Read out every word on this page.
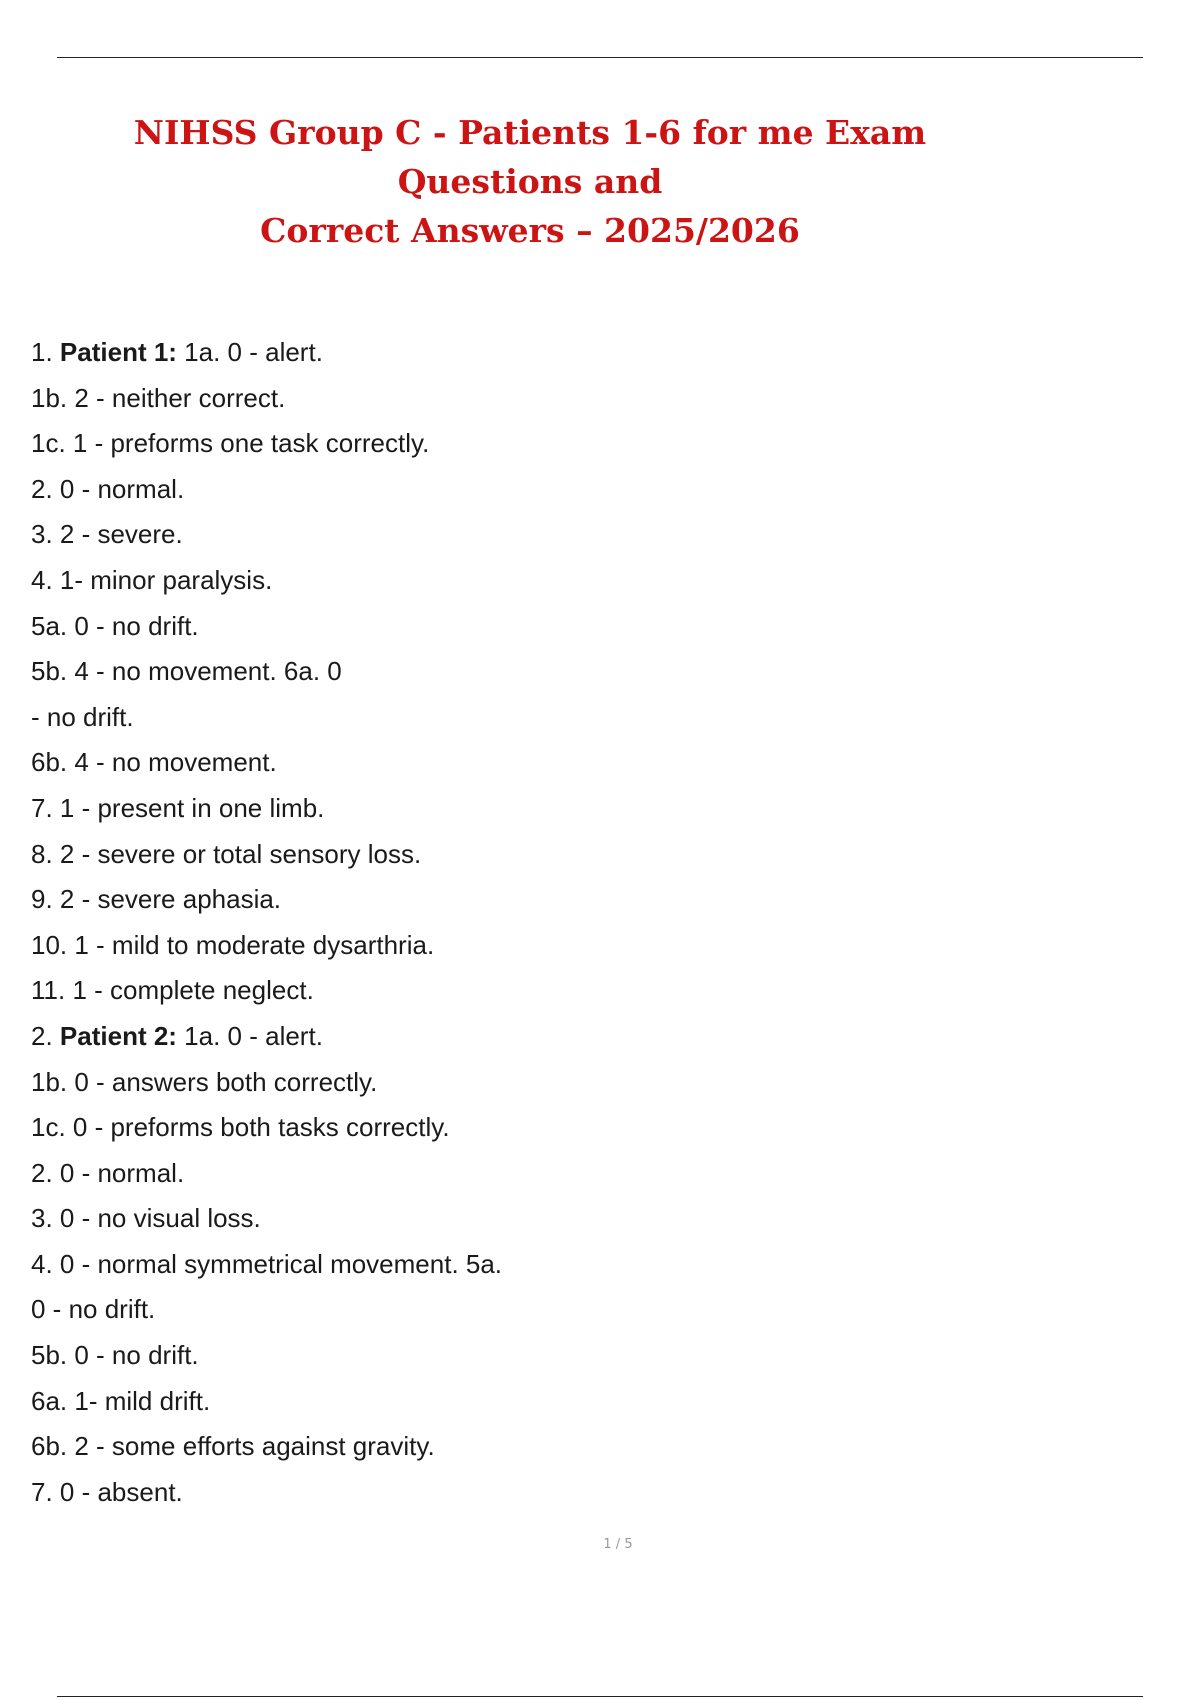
NIHSS Group C - Patients 1-6 for me Exam Questions and
Correct Answers – 2025/2026
1. Patient 1: 1a. 0 - alert.
1b. 2 - neither correct.
1c. 1 - preforms one task correctly.
2. 0 - normal.
3. 2 - severe.
4. 1- minor paralysis.
5a. 0 - no drift.
5b. 4 - no movement. 6a. 0
- no drift.
6b. 4 - no movement.
7. 1 - present in one limb.
8. 2 - severe or total sensory loss.
9. 2 - severe aphasia.
10. 1 - mild to moderate dysarthria.
11. 1 - complete neglect.
2. Patient 2: 1a. 0 - alert.
1b. 0 - answers both correctly.
1c. 0 - preforms both tasks correctly.
2. 0 - normal.
3. 0 - no visual loss.
4. 0 - normal symmetrical movement. 5a.
0 - no drift.
5b. 0 - no drift.
6a. 1- mild drift.
6b. 2 - some efforts against gravity.
7. 0 - absent.
1 / 5
